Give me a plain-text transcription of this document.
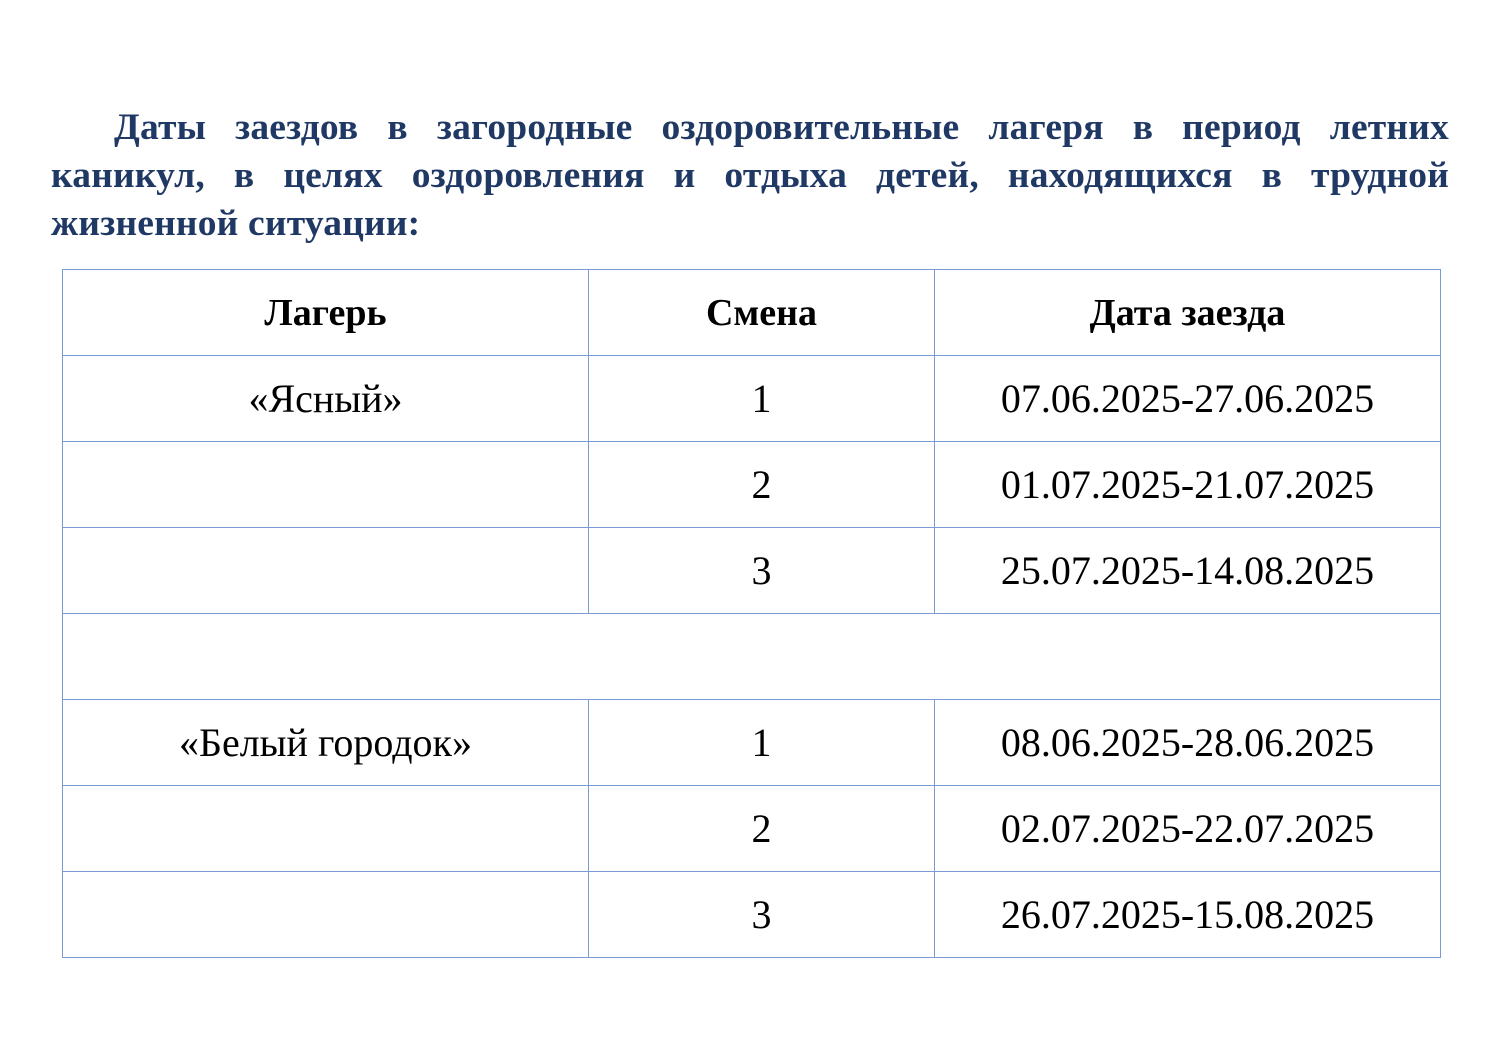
Даты заездов в загородные оздоровительные лагеря в период летних каникул, в целях оздоровления и отдыха детей, находящихся в трудной жизненной ситуации:

Лагерь	Смена	Дата заезда
«Ясный»	1	07.06.2025-27.06.2025
	2	01.07.2025-21.07.2025
	3	25.07.2025-14.08.2025

«Белый городок»	1	08.06.2025-28.06.2025
	2	02.07.2025-22.07.2025
	3	26.07.2025-15.08.2025
